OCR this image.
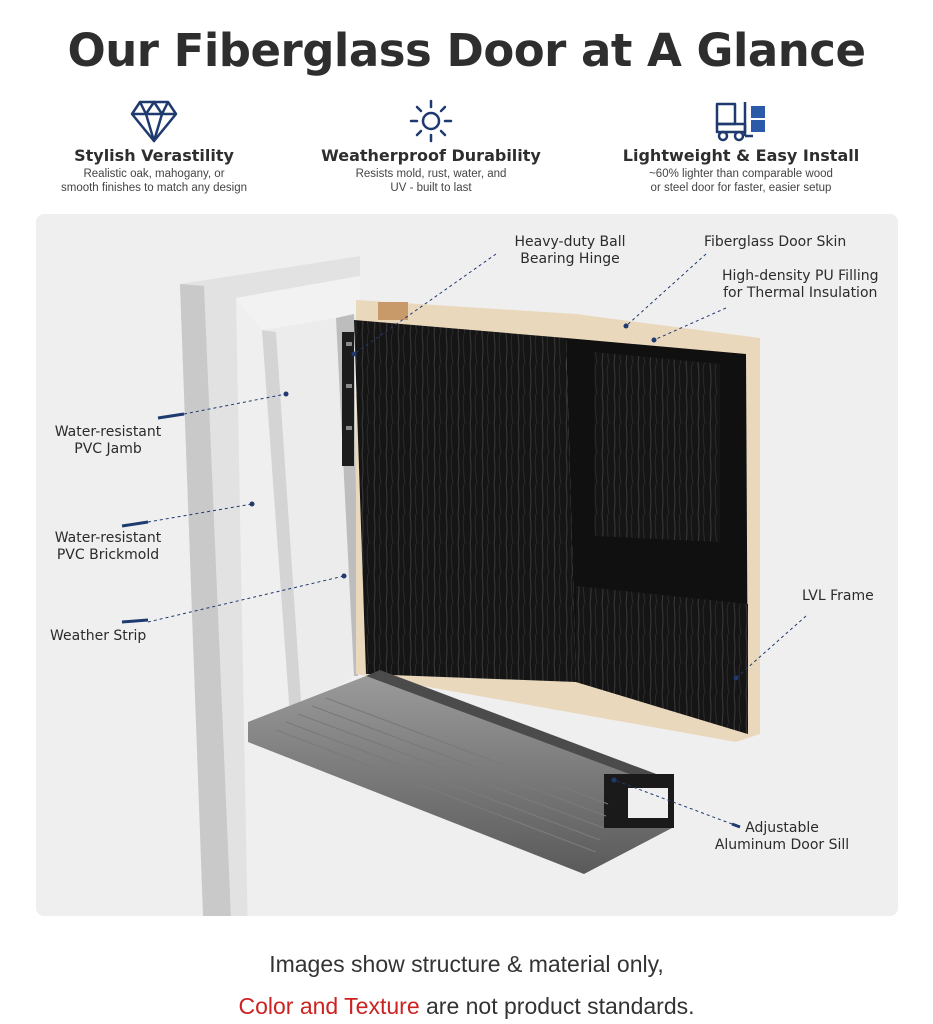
Our Fiberglass Door at A Glance
Stylish Verastility
Realistic oak, mahogany, or
smooth finishes to match any design
Weatherproof Durability
Resists mold, rust, water, and
UV - built to last
Lightweight & Easy Install
~60% lighter than comparable wood
or steel door for faster, easier setup
Heavy-duty Ball
Bearing Hinge
Fiberglass Door Skin
High-density PU Filling
for Thermal Insulation
Water-resistant
PVC Jamb
Water-resistant
PVC Brickmold
Weather Strip
LVL Frame
Adjustable
Aluminum Door Sill
Images show structure & material only,
Color and Texture are not product standards.
